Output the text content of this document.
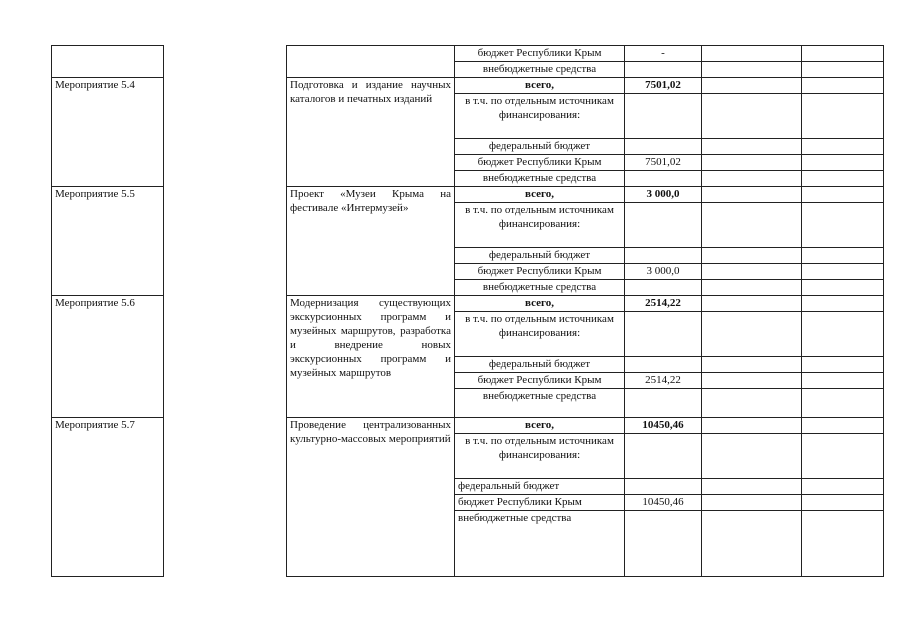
			бюджет Республики Крым	-		
			внебюджетные средства			
Мероприятие 5.4		Подготовка и издание научных каталогов и печатных изданий	всего,	7501,02		
			в т.ч. по отдельным источникам финансирования:			
			федеральный бюджет			
			бюджет Республики Крым	7501,02		
			внебюджетные средства			
Мероприятие 5.5		Проект «Музеи Крыма на фестивале «Интермузей»	всего,	3 000,0		
			в т.ч. по отдельным источникам финансирования:			
			федеральный бюджет			
			бюджет Республики Крым	3 000,0		
			внебюджетные средства			
Мероприятие 5.6		Модернизация существующих экскурсионных программ и музейных маршрутов, разработка и внедрение новых экскурсионных программ и музейных маршрутов	всего,	2514,22		
			в т.ч. по отдельным источникам финансирования:			
			федеральный бюджет			
			бюджет Республики Крым	2514,22		
			внебюджетные средства			
Мероприятие 5.7		Проведение централизованных культурно-массовых мероприятий	всего,	10450,46		
			в т.ч. по отдельным источникам финансирования:			
			федеральный бюджет			
			бюджет Республики Крым	10450,46		
			внебюджетные средства			
